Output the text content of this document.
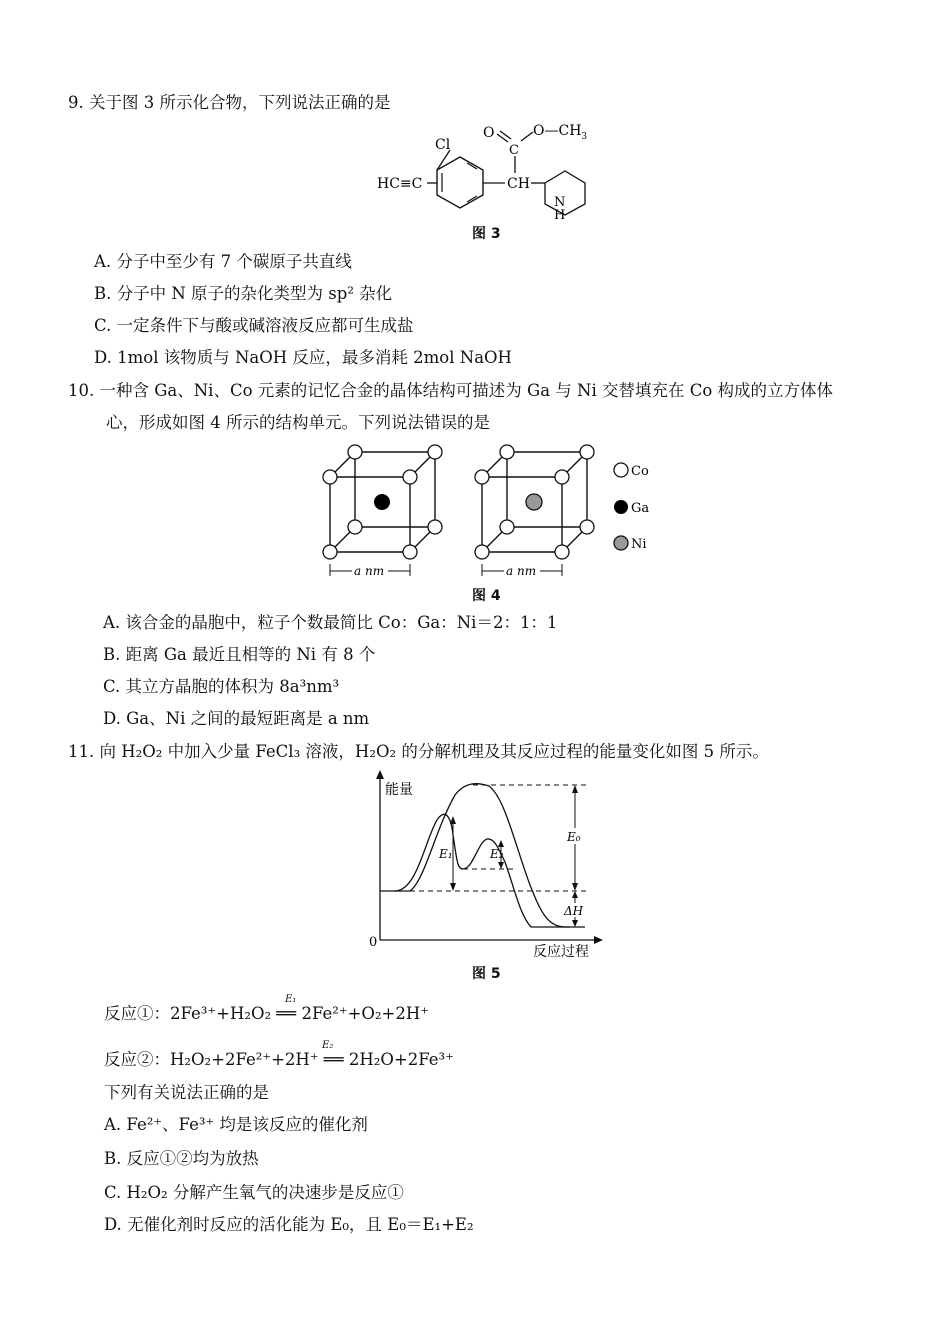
9. 关于图 3 所示化合物，下列说法正确的是
Cl
HC≡C	CH
C
O	$O—CH_3$
N
H
图 3
A. 分子中至少有 7 个碳原子共直线
B. 分子中 N 原子的杂化类型为 sp² 杂化
C. 一定条件下与酸或碱溶液反应都可生成盐
D. 1mol 该物质与 NaOH 反应，最多消耗 2mol NaOH
10. 一种含 Ga、Ni、Co 元素的记忆合金的晶体结构可描述为 Ga 与 Ni 交替填充在 Co 构成的立方体体
心，形成如图 4 所示的结构单元。下列说法错误的是
a nm	a nm
Co
Ga
Ni
图 4
A. 该合金的晶胞中，粒子个数最简比 Co：Ga：Ni＝2：1：1
B. 距离 Ga 最近且相等的 Ni 有 8 个
C. 其立方晶胞的体积为 8a³nm³
D. Ga、Ni 之间的最短距离是 a nm
11. 向 H₂O₂ 中加入少量 FeCl₃ 溶液，H₂O₂ 的分解机理及其反应过程的能量变化如图 5 所示。
能量
0
反应过程
E₁	E₂
E₀
ΔH
图 5
反应①：2Fe³⁺+H₂O₂ ══ 2Fe²⁺+O₂+2H⁺
E₁
反应②：H₂O₂+2Fe²⁺+2H⁺ ══ 2H₂O+2Fe³⁺
E₂
下列有关说法正确的是
A. Fe²⁺、Fe³⁺ 均是该反应的催化剂
B. 反应①②均为放热
C. H₂O₂ 分解产生氧气的决速步是反应①
D. 无催化剂时反应的活化能为 E₀，且 E₀＝E₁+E₂
